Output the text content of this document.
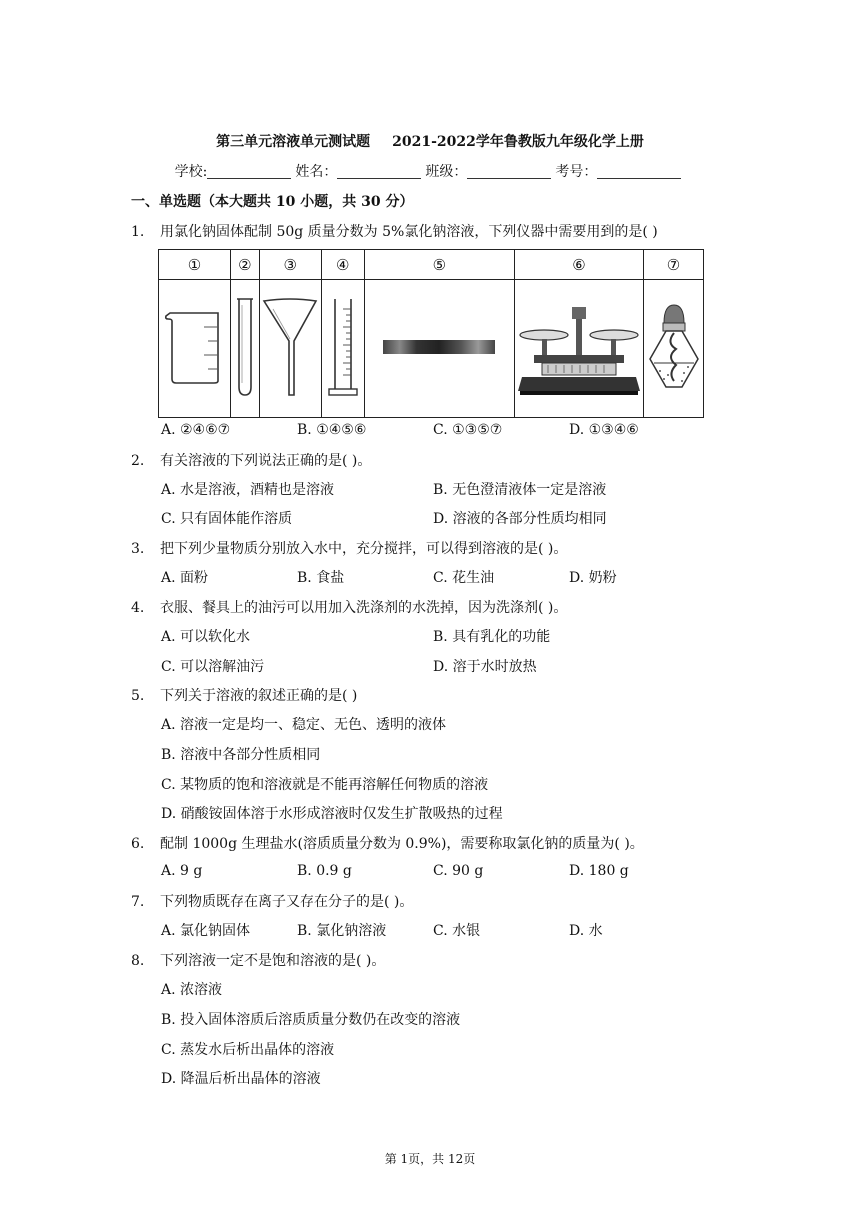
第三单元溶液单元测试题 2021-2022学年鲁教版九年级化学上册
学校:	姓名：	班级：	考号：
一、单选题（本大题共 10 小题，共 30 分）
1. 用氯化钠固体配制 50g 质量分数为 5%氯化钠溶液，下列仪器中需要用到的是( )
①	②	③	④	⑤	⑥	⑦

A. ②④⑥⑦	B. ①④⑤⑥	C. ①③⑤⑦	D. ①③④⑥
2. 有关溶液的下列说法正确的是( )。
A. 水是溶液，酒精也是溶液	B. 无色澄清液体一定是溶液
C. 只有固体能作溶质	D. 溶液的各部分性质均相同
3. 把下列少量物质分别放入水中，充分搅拌，可以得到溶液的是( )。
A. 面粉	B. 食盐	C. 花生油	D. 奶粉
4. 衣服、餐具上的油污可以用加入洗涤剂的水洗掉，因为洗涤剂( )。
A. 可以软化水	B. 具有乳化的功能
C. 可以溶解油污	D. 溶于水时放热
5. 下列关于溶液的叙述正确的是( )
A. 溶液一定是均一、稳定、无色、透明的液体
B. 溶液中各部分性质相同
C. 某物质的饱和溶液就是不能再溶解任何物质的溶液
D. 硝酸铵固体溶于水形成溶液时仅发生扩散吸热的过程
6. 配制 1000g 生理盐水(溶质质量分数为 0.9%)，需要称取氯化钠的质量为( )。
A. 9 g	B. 0.9 g	C. 90 g	D. 180 g
7. 下列物质既存在离子又存在分子的是( )。
A. 氯化钠固体	B. 氯化钠溶液	C. 水银	D. 水
8. 下列溶液一定不是饱和溶液的是( )。
A. 浓溶液
B. 投入固体溶质后溶质质量分数仍在改变的溶液
C. 蒸发水后析出晶体的溶液
D. 降温后析出晶体的溶液
第 1页，共 12页
